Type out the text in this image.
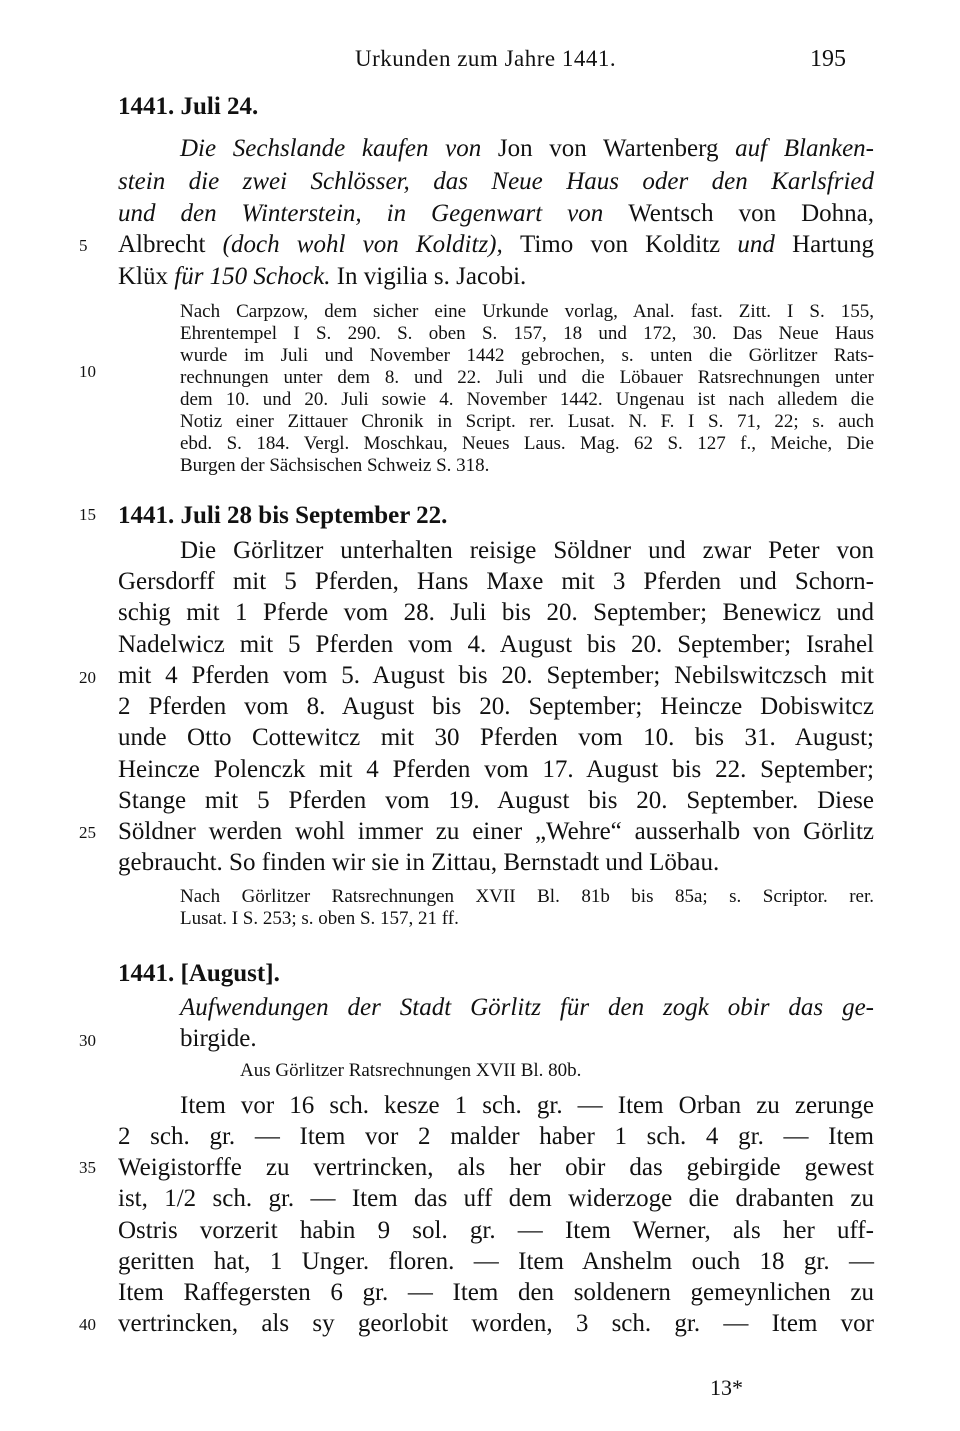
Urkunden zum Jahre 1441.	195
5
10
15
20
25
30
35
40
1441. Juli 24.
Die Sechslande kaufen von Jon von Wartenberg auf Blanken-
stein die zwei Schlösser, das Neue Haus oder den Karlsfried
und den Winterstein, in Gegenwart von Wentsch von Dohna,
Albrecht (doch wohl von Kolditz), Timo von Kolditz und Hartung
Klüx für 150 Schock. In vigilia s. Jacobi.
Nach Carpzow, dem sicher eine Urkunde vorlag, Anal. fast. Zitt. I S. 155,
Ehrentempel I S. 290. S. oben S. 157, 18 und 172, 30. Das Neue Haus
wurde im Juli und November 1442 gebrochen, s. unten die Görlitzer Rats-
rechnungen unter dem 8. und 22. Juli und die Löbauer Ratsrechnungen unter
dem 10. und 20. Juli sowie 4. November 1442. Ungenau ist nach alledem die
Notiz einer Zittauer Chronik in Script. rer. Lusat. N. F. I S. 71, 22; s. auch
ebd. S. 184. Vergl. Moschkau, Neues Laus. Mag. 62 S. 127 f., Meiche, Die
Burgen der Sächsischen Schweiz S. 318.
1441. Juli 28 bis September 22.
Die Görlitzer unterhalten reisige Söldner und zwar Peter von
Gersdorff mit 5 Pferden, Hans Maxe mit 3 Pferden und Schorn-
schig mit 1 Pferde vom 28. Juli bis 20. September; Benewicz und
Nadelwicz mit 5 Pferden vom 4. August bis 20. September; Israhel
mit 4 Pferden vom 5. August bis 20. September; Nebilswitczsch mit
2 Pferden vom 8. August bis 20. September; Heincze Dobiswitcz
unde Otto Cottewitcz mit 30 Pferden vom 10. bis 31. August;
Heincze Polenczk mit 4 Pferden vom 17. August bis 22. September;
Stange mit 5 Pferden vom 19. August bis 20. September. Diese
Söldner werden wohl immer zu einer „Wehre“ ausserhalb von Görlitz
gebraucht. So finden wir sie in Zittau, Bernstadt und Löbau.
Nach Görlitzer Ratsrechnungen XVII Bl. 81b bis 85a; s. Scriptor. rer.
Lusat. I S. 253; s. oben S. 157, 21 ff.
1441. [August].
Aufwendungen der Stadt Görlitz für den zogk obir das ge-
birgide.
Aus Görlitzer Ratsrechnungen XVII Bl. 80b.
Item vor 16 sch. kesze 1 sch. gr. — Item Orban zu zerunge
2 sch. gr. — Item vor 2 malder haber 1 sch. 4 gr. — Item
Weigistorffe zu vertrincken, als her obir das gebirgide gewest
ist, 1/2 sch. gr. — Item das uff dem widerzoge die drabanten zu
Ostris vorzerit habin 9 sol. gr. — Item Werner, als her uff-
geritten hat, 1 Unger. floren. — Item Anshelm ouch 18 gr. —
Item Raffegersten 6 gr. — Item den soldenern gemeynlichen zu
vertrincken, als sy georlobit worden, 3 sch. gr. — Item vor
13*
